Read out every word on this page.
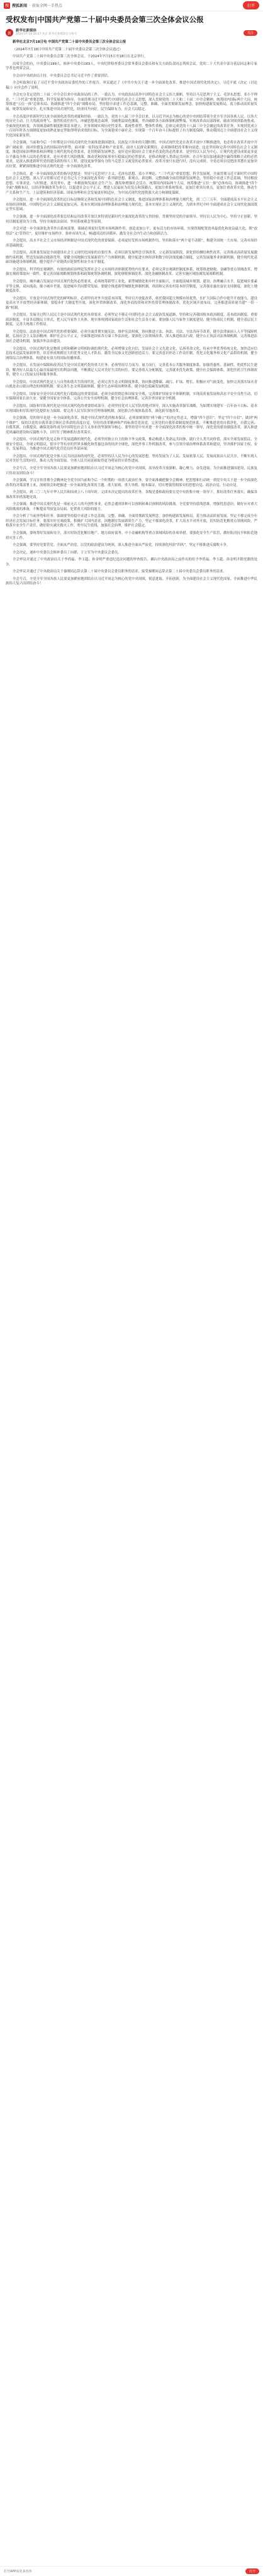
搜 搜狐新闻 · 获取全网一手热点	打开
受权发布|中国共产党第二十届中央委员会第三次全体会议公报
新
新华社新媒体
2024-07-18 20:47 北京 新华社新媒体官方账号	关注

新华社北京7月18日电 中国共产党第二十届中央委员会第三次全体会议公报

（2024年7月18日中国共产党第二十届中央委员会第三次全体会议通过）

中国共产党第二十届中央委员会第三次全体会议，于2024年7月15日至18日在北京举行。

出席全会的有，中央委员199人，候补中央委员165人。中央纪律检查委员会常务委员会委员和有关方面负责同志列席会议。党的二十大代表中部分基层同志和专家学者也列席会议。

全会由中央政治局主持。中央委员会总书记习近平作了重要讲话。

全会听取和讨论了习近平受中央政治局委托作的工作报告，审议通过了《中共中央关于进一步全面深化改革、推进中国式现代化的决定》。习近平就《决定（讨论稿）》向全会作了说明。

全会充分肯定党的二十届二中全会以来中央政治局的工作。一致认为，中央政治局高举中国特色社会主义伟大旗帜，坚持以马克思列宁主义、毛泽东思想、邓小平理论、“三个代表”重要思想、科学发展观为指导，全面贯彻习近平新时代中国特色社会主义思想，深入贯彻党的二十大和二十届二中全会精神，统筹国内国际两个大局，统筹推进“五位一体”总体布局、协调推进“四个全面”战略布局，坚持稳中求进工作总基调，完整、准确、全面贯彻新发展理念，加快构建新发展格局，着力推动高质量发展，统筹发展和安全，扎实推进中国式现代化，经济回升向好，民生保障有力，社会大局稳定。

全会高度评价新时代以来全面深化改革的成就和经验。一致认为，党的十八届三中全会以来，以习近平同志为核心的党中央团结带领全党全军全国各族人民，以伟大的历史主动、巨大的政治勇气、强烈的责任担当，冲破思想观念束缚，突破利益固化藩篱，坚决破除各方面体制机制弊端，实现改革由局部探索、破冰突围到系统集成、全面深化的转变，各领域基础性制度框架基本建立，许多领域实现历史性变革、系统性重塑、整体性重构，总体完成党的十八届三中全会确定的改革任务，实现到党成立一百周年时各方面制度更加成熟更加定型取得明显成效的目标，为全面建成小康社会、实现第一个百年奋斗目标提供了有力制度保障，推动我国迈上全面建设社会主义现代化国家新征程。

全会强调，当前和今后一个时期是以中国式现代化全面推进强国建设、民族复兴伟业的关键时期。中国式现代化是在改革开放中不断推进的，也必将在改革开放中开辟广阔前景。面对纷繁复杂的国际国内形势，面对新一轮科技革命和产业变革，面对人民群众新期待，必须继续把改革推向前进。这是坚持和完善中国特色社会主义制度、推进国家治理体系和治理能力现代化的必然要求，是贯彻新发展理念、更好适应我国社会主要矛盾变化的必然要求，是坚持以人民为中心、让现代化建设成果更多更公平惠及全体人民的必然要求，是应对重大风险挑战、推动党和国家事业行稳致远的必然要求，是推动构建人类命运共同体、在百年变局加速演进中赢得战略主动的必然要求，是深入推进新时代党的建设新的伟大工程、建设更加坚强有力的马克思主义政党的必然要求。改革开放只有进行时，没有完成时。全党必须自觉把改革摆在更加突出位置，紧紧围绕推进中国式现代化进一步全面深化改革。

全会指出，进一步全面深化改革的指导思想是：坚持马克思列宁主义、毛泽东思想、邓小平理论、“三个代表”重要思想、科学发展观，全面贯彻习近平新时代中国特色社会主义思想，深入学习贯彻习近平总书记关于全面深化改革的一系列新思想、新观点、新论断，完整准确全面贯彻新发展理念，坚持稳中求进工作总基调，坚持解放思想、实事求是、与时俱进、求真务实，进一步解放和发展社会生产力、激发和增强社会活力，统筹国内国际两个大局，统筹推进“五位一体”总体布局，协调推进“四个全面”战略布局，以经济体制改革为牵引，以促进社会公平正义、增进人民福祉为出发点和落脚点，更加注重系统集成，更加注重突出重点，更加注重改革实效，推动生产关系和生产力、上层建筑和经济基础、国家治理和社会发展更好相适应，为中国式现代化提供强大动力和制度保障。

全会提出，进一步全面深化改革的总目标是继续完善和发展中国特色社会主义制度，推进国家治理体系和治理能力现代化。到二〇三五年，全面建成高水平社会主义市场经济体制，中国特色社会主义制度更加完善，基本实现国家治理体系和治理能力现代化，基本实现社会主义现代化，为到本世纪中叶全面建成社会主义现代化强国奠定坚实基础。

全会强调，进一步全面深化改革要总结和运用改革开放以来特别是新时代全面深化改革的宝贵经验，贯彻坚持党的全面领导、坚持以人民为中心、坚持守正创新、坚持以制度建设为主线、坚持全面依法治国、坚持系统观念等原则。

全会对进一步全面深化改革作出系统部署，强调必须更好发挥市场机制作用，创造更加公平、更有活力的市场环境，实现资源配置效率最优化和效益最大化，既“放得活”又“管得住”，更好维护市场秩序、弥补市场失灵，畅通国民经济循环，激发全社会内生动力和创新活力。

全会提出，高水平社会主义市场经济体制是中国式现代化的重要保障。必须更好发挥市场机制作用，坚持和落实“两个毫不动摇”，构建全国统一大市场，完善市场经济基础制度。

全会提出，高质量发展是全面建设社会主义现代化国家的首要任务。必须以新发展理念引领改革，立足新发展阶段，深化供给侧结构性改革，完善推动高质量发展激励约束机制，塑造发展新动能新优势。要健全因地制宜发展新质生产力体制机制，健全促进实体经济和数字经济深度融合制度，完善发展服务业体制机制，健全现代化基础设施建设体制机制，健全提升产业链供应链韧性和安全水平制度。

全会提出，科学的宏观调控、有效的政府治理是发挥社会主义市场经济体制优势的内在要求。必须完善宏观调控制度体系，统筹推进财税、金融等重点领域改革，增强宏观政策取向一致性。要完善国家战略规划体系和政策统筹协调机制，深化财税体制改革，深化金融体制改革，完善实施区域协调发展战略机制。

全会提出，城乡融合发展是中国式现代化的必然要求。必须统筹新型工业化、新型城镇化和乡村全面振兴，全面提高城乡规划、建设、治理融合水平，促进城乡要素平等交换、双向流动，缩小城乡差别，促进城乡共同繁荣发展。要健全推进新型城镇化体制机制，巩固和完善农村基本经营制度，完善强农惠农富农支持制度，深化土地制度改革。

全会提出，开放是中国式现代化的鲜明标识。必须坚持对外开放基本国策，坚持以开放促改革，依托我国超大规模市场优势，在扩大国际合作中提升开放能力，建设更高水平开放型经济新体制。要稳步扩大制度型开放，深化外贸体制改革，深化外商投资和对外投资管理体制改革，优化区域开放布局，完善推进高质量共建“一带一路”机制。

全会提出，发展全过程人民民主是中国式现代化的本质要求。必须坚定不移走中国特色社会主义政治发展道路，坚持和完善我国根本政治制度、基本政治制度、重要政治制度，丰富各层级民主形式，把人民当家作主具体、现实体现到国家政治生活和社会生活各方面。要加强人民当家作主制度建设，健全协商民主机制，健全基层民主制度，完善大统战工作格局。

全会提出，法治是中国式现代化的重要保障。必须全面贯彻实施宪法，维护宪法权威，协同推进立法、执法、司法、守法各环节改革，健全法律面前人人平等保障机制，弘扬社会主义法治精神，维护社会公平正义，全面推进国家各方面工作法治化。要深化立法领域改革，深入推进依法行政，健全公正执法司法体制机制，完善推进法治社会建设机制，加强涉外法治建设。

全会提出，中国式现代化是物质文明和精神文明相协调的现代化。必须增强文化自信，发展社会主义先进文化，弘扬革命文化，传承中华优秀传统文化，加快适应信息技术迅猛发展新形势，培育形成规模宏大的优秀文化人才队伍，激发全民族文化创新创造活力。要完善意识形态工作责任制，优化文化服务和文化产品供给机制，健全网络综合治理体系，构建更有效力的国际传播体系。

全会提出，在发展中保障和改善民生是中国式现代化的重大任务。必须坚持尽力而为、量力而行，完善基本公共服务制度体系，加强普惠性、基础性、兜底性民生建设，解决好人民最关心最直接最现实的利益问题，不断满足人民对美好生活的向往。要完善收入分配制度，完善就业优先政策，健全社会保障体系，深化医药卫生体制改革，健全人口发展支持和服务体系。

全会提出，中国式现代化是人与自然和谐共生的现代化。必须完善生态文明制度体系，协同推进降碳、减污、扩绿、增长，积极应对气候变化，加快完善落实绿水青山就是金山银山理念的体制机制。要完善生态文明基础体制，健全生态环境治理体系，健全绿色低碳发展机制。

全会提出，国家安全是中国式现代化行稳致远的重要基础。必须全面贯彻总体国家安全观，完善维护国家安全体制机制，实现高质量发展和高水平安全良性互动，切实保障国家长治久安。要健全国家安全体系，完善公共安全治理机制，健全社会治理体系，完善涉外国家安全机制。

全会提出，国防和军队现代化是中国式现代化的重要组成部分。必须坚持党对人民军队的绝对领导，深入实施改革强军战略，为如期实现建军一百年奋斗目标、基本实现国防和军队现代化提供有力保障。要完善人民军队领导管理体制机制，深化联合作战体系改革，深化跨军地改革。

全会强调，党的领导是进一步全面深化改革、推进中国式现代化的根本保证。必须深刻领悟“两个确立”的决定性意义，增强“四个意识”、坚定“四个自信”、做到“两个维护”，保持以党的自我革命引领社会革命的高度自觉，坚持用改革精神和严的标准管党治党，完善党的自我革命制度规范体系，不断推进党的自我净化、自我完善、自我革新、自我提高，确保党始终成为中国特色社会主义事业的坚强领导核心。要坚持党中央对进一步全面深化改革的集中统一领导，深化党的建设制度改革，深入推进党风廉政建设和反腐败斗争，以钉钉子精神抓好改革落实。

全会提出，中国式现代化是走和平发展道路的现代化。必须坚持独立自主的和平外交政策，推动构建人类命运共同体，践行全人类共同价值，落实全球发展倡议、全球安全倡议、全球文明倡议，倡导平等有序的世界多极化和普惠包容的经济全球化，深化外事工作机制改革，参与引领全球治理体系改革和建设，坚决维护国家主权、安全、发展利益，为推进中国式现代化营造良好外部环境。

全会提出，中国式现代化是全体人民共同富裕的现代化。必须坚持以人民为中心的发展思想，坚持发展为了人民、发展依靠人民、发展成果由人民共享，不断实现人民对美好生活的向往，推动人的全面发展、全体人民共同富裕取得更为明显的实质性进展。

全会号召，全党全军全国各族人民要更加紧密地团结在以习近平同志为核心的党中央周围，高举改革开放旗帜，凝心聚力、奋发进取，为全面推进强国建设、民族复兴伟业而团结奋斗！

全会强调，学习宣传贯彻全会精神是全党全国当前和今后一个时期的一项重大政治任务。要全面准确把握全会精神，把思想和行动统一到党中央关于进一步全面深化改革的决策部署上来，深刻领会和把握进一步全面深化改革的主题、重大原则、重大举措、根本保证，切实增强贯彻落实的思想自觉、政治自觉、行动自觉。

全会提出，到二〇二九年中华人民共和国成立八十周年时，完成本决定提出的改革任务。各级党委和政府要在党中央的集中统一领导下，抓好改革任务落实，确保各项改革举措落地见效。

全会强调，推进中国式现代化是一项前无古人的开创性事业，必然会遇到各种可以预料和难以预料的风险挑战。全党要坚持底线思维，增强忧患意识，做好应对重大风险挑战的准备，不断提高驾驭复杂局面、处置重大风险的能力。

全会分析了当前形势和任务。强调要坚持稳中求进工作总基调，完整、准确、全面贯彻新发展理念，加快构建新发展格局，着力推动高质量发展，坚定不移完成全年经济社会发展目标任务。要落实好宏观政策，积极扩大国内需求，因地制宜发展新质生产力，坚定不移深化改革，扩大高水平对外开放，切实防范化解重点领域风险，严格落实安全生产责任，做好防灾减灾救灾工作，兜牢民生底线，加强社会治理，维护社会稳定。

全会强调，要统筹好发展和安全，落实好防范化解房地产、地方政府债务、中小金融机构等重点领域风险的各项举措。要强化安全生产监管，做好防汛抗旱和防范地质灾害工作。

全会强调，要坚持党要管党、全面从严治党，以党的政治建设为统领，深入推进全面从严治党，持续深化纠治“四风”，坚定不移推进反腐败斗争。

全会决定，递补中央委员会候补委员丁向群、于立军为中央委员会委员。

全会审议并通过了中央政治局关于李尚福、李玉超、孙金明严重违纪违法问题的审查报告，确认中央政治局之前作出的给予李尚福、李玉超、孙金明开除党籍的处分。

全会审议并通过了中央政治局关于秦刚同志辞去第二十届中央委员会委员职务的请求，接受秦刚同志辞去第二十届中央委员会委员职务的请求。

全会号召，全党全军全国各族人民要更加紧密地团结在以习近平同志为核心的党中央周围，锐意进取、开拓创新，为全面建设社会主义现代化国家、全面推进中华民族伟大复兴而团结奋斗！

打开APP看更多内容	打开
